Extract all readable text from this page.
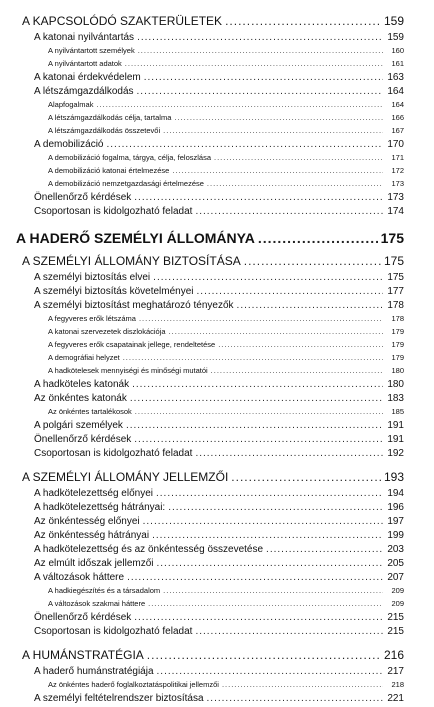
A KAPCSOLÓDÓ SZAKTERÜLETEK .....	159
A katonai nyilvántartás .....	159
A nyilvántartott személyek .....	160
A nyilvántartott adatok .....	161
A katonai érdekvédelem .....	163
A létszámgazdálkodás .....	164
Alapfogalmak .....	164
A létszámgazdálkodás célja, tartalma .....	166
A létszámgazdálkodás összetevői .....	167
A demobilizáció .....	170
A demobilizáció fogalma, tárgya, célja, feloszlása .....	171
A demobilizáció katonai értelmezése .....	172
A demobilizáció nemzetgazdasági értelmezése .....	173
Önellenőrző kérdések .....	173
Csoportosan is kidolgozható feladat .....	174
A HADERŐ SZEMÉLYI ÁLLOMÁNYA .....	175
A SZEMÉLYI ÁLLOMÁNY BIZTOSÍTÁSA .....	175
A személyi biztosítás elvei .....	175
A személyi biztosítás követelményei .....	177
A személyi biztosítást meghatározó tényezők .....	178
A fegyveres erők létszáma .....	178
A katonai szervezetek diszlokációja .....	179
A fegyveres erők csapatainak jellege, rendeltetése .....	179
A demográfiai helyzet .....	179
A hadkötelesek mennyiségi és minőségi mutatói .....	180
A hadköteles katonák .....	180
Az önkéntes katonák .....	183
Az önkéntes tartalékosok .....	185
A polgári személyek .....	191
Önellenőrző kérdések .....	191
Csoportosan is kidolgozható feladat .....	192
A SZEMÉLYI ÁLLOMÁNY JELLEMZŐI .....	193
A hadkötelezettség előnyei .....	194
A hadkötelezettség hátrányai: .....	196
Az önkéntesség előnyei .....	197
Az önkéntesség hátrányai .....	199
A hadkötelezettség és az önkéntesség összevetése .....	203
Az elmúlt időszak jellemzői .....	205
A változások háttere .....	207
A hadkiegészítés és a társadalom .....	209
A változások szakmai háttere .....	209
Önellenőrző kérdések .....	215
Csoportosan is kidolgozható feladat .....	215
A HUMÁNSTRATÉGIA .....	216
A haderő humánstratégiája .....	217
Az önkéntes haderő foglalkoztatáspolitikai jellemzői .....	218
A személyi feltételrendszer biztosítása .....	221
